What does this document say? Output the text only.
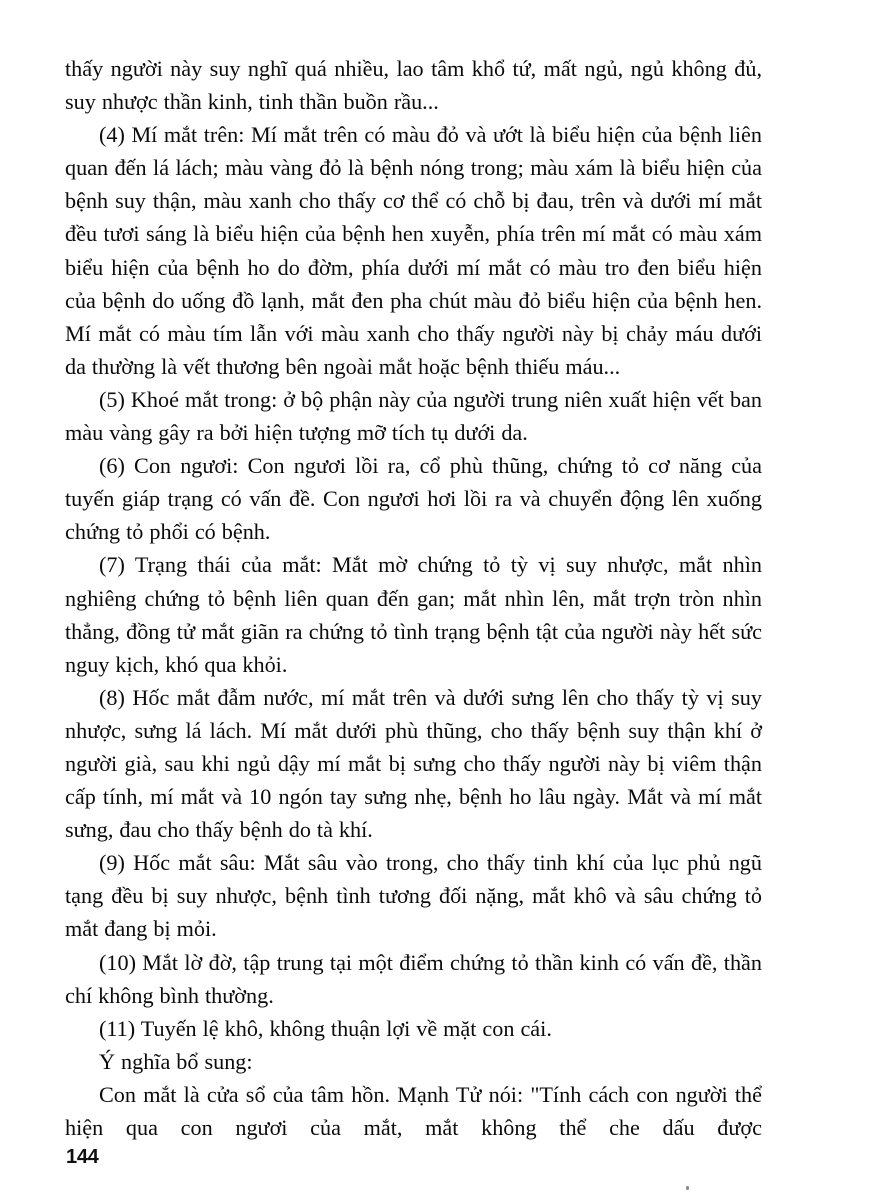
thấy người này suy nghĩ quá nhiều, lao tâm khổ tứ, mất ngủ, ngủ không đủ, suy nhược thần kinh, tinh thần buồn rầu...

(4) Mí mắt trên: Mí mắt trên có màu đỏ và ướt là biểu hiện của bệnh liên quan đến lá lách; màu vàng đỏ là bệnh nóng trong; màu xám là biểu hiện của bệnh suy thận, màu xanh cho thấy cơ thể có chỗ bị đau, trên và dưới mí mắt đều tươi sáng là biểu hiện của bệnh hen xuyễn, phía trên mí mắt có màu xám biểu hiện của bệnh ho do đờm, phía dưới mí mắt có màu tro đen biểu hiện của bệnh do uống đồ lạnh, mắt đen pha chút màu đỏ biểu hiện của bệnh hen. Mí mắt có màu tím lẫn với màu xanh cho thấy người này bị chảy máu dưới da thường là vết thương bên ngoài mắt hoặc bệnh thiếu máu...

(5) Khoé mắt trong: ở bộ phận này của người trung niên xuất hiện vết ban màu vàng gây ra bởi hiện tượng mỡ tích tụ dưới da.

(6) Con ngươi: Con ngươi lồi ra, cổ phù thũng, chứng tỏ cơ năng của tuyến giáp trạng có vấn đề. Con ngươi hơi lồi ra và chuyển động lên xuống chứng tỏ phổi có bệnh.

(7) Trạng thái của mắt: Mắt mờ chứng tỏ tỳ vị suy nhược, mắt nhìn nghiêng chứng tỏ bệnh liên quan đến gan; mắt nhìn lên, mắt trợn tròn nhìn thẳng, đồng tử mắt giãn ra chứng tỏ tình trạng bệnh tật của người này hết sức nguy kịch, khó qua khỏi.

(8) Hốc mắt đẫm nước, mí mắt trên và dưới sưng lên cho thấy tỳ vị suy nhược, sưng lá lách. Mí mắt dưới phù thũng, cho thấy bệnh suy thận khí ở người già, sau khi ngủ dậy mí mắt bị sưng cho thấy người này bị viêm thận cấp tính, mí mắt và 10 ngón tay sưng nhẹ, bệnh ho lâu ngày. Mắt và mí mắt sưng, đau cho thấy bệnh do tà khí.

(9) Hốc mắt sâu: Mắt sâu vào trong, cho thấy tinh khí của lục phủ ngũ tạng đều bị suy nhược, bệnh tình tương đối nặng, mắt khô và sâu chứng tỏ mắt đang bị mỏi.

(10) Mắt lờ đờ, tập trung tại một điểm chứng tỏ thần kinh có vấn đề, thần chí không bình thường.

(11) Tuyến lệ khô, không thuận lợi về mặt con cái.

Ý nghĩa bổ sung:

Con mắt là cửa sổ của tâm hồn. Mạnh Tử nói: "Tính cách con người thể hiện qua con ngươi của mắt, mắt không thể che dấu được

144
